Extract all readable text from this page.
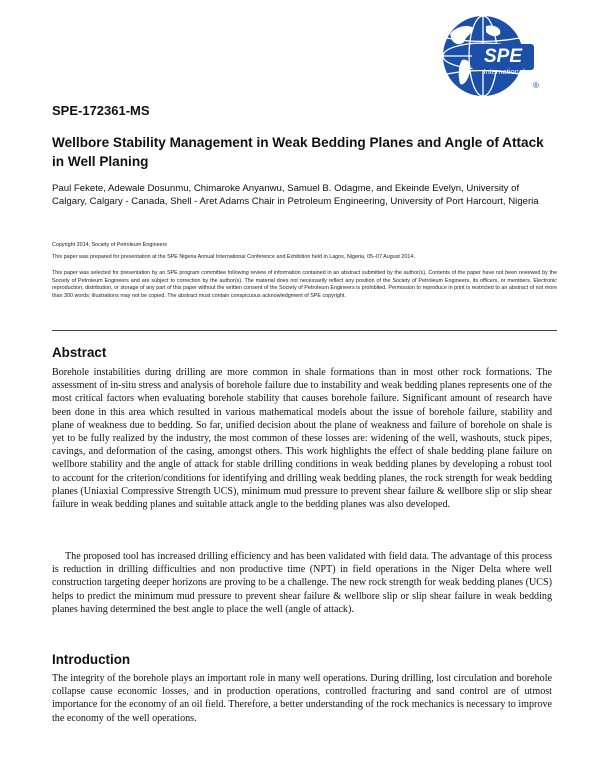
SPE
International
®

SPE-172361-MS

Wellbore Stability Management in Weak Bedding Planes and Angle of Attack in Well Planing

Paul Fekete, Adewale Dosunmu, Chimaroke Anyanwu, Samuel B. Odagme, and Ekeinde Evelyn, University of Calgary, Calgary - Canada, Shell - Aret Adams Chair in Petroleum Engineering, University of Port Harcourt, Nigeria

Copyright 2014, Society of Petroleum Engineers

This paper was prepared for presentation at the SPE Nigeria Annual International Conference and Exhibition held in Lagos, Nigeria, 05–07 August 2014.

This paper was selected for presentation by an SPE program committee following review of information contained in an abstract submitted by the author(s). Contents of the paper have not been reviewed by the Society of Petroleum Engineers and are subject to correction by the author(s). The material does not necessarily reflect any position of the Society of Petroleum Engineers, its officers, or members. Electronic reproduction, distribution, or storage of any part of this paper without the written consent of the Society of Petroleum Engineers is prohibited. Permission to reproduce in print is restricted to an abstract of not more than 300 words; illustrations may not be copied. The abstract must contain conspicuous acknowledgment of SPE copyright.

Abstract

Borehole instabilities during drilling are more common in shale formations than in most other rock formations. The assessment of in-situ stress and analysis of borehole failure due to instability and weak bedding planes represents one of the most critical factors when evaluating borehole stability that causes borehole failure. Significant amount of research have been done in this area which resulted in various mathematical models about the issue of borehole failure, stability and plane of weakness due to bedding. So far, unified decision about the plane of weakness and failure of borehole on shale is yet to be fully realized by the industry, the most common of these losses are: widening of the well, washouts, stuck pipes, cavings, and deformation of the casing, amongst others. This work highlights the effect of shale bedding plane failure on wellbore stability and the angle of attack for stable drilling conditions in weak bedding planes by developing a robust tool to account for the criterion/conditions for identifying and drilling weak bedding planes, the rock strength for weak bedding planes (Uniaxial Compressive Strength UCS), minimum mud pressure to prevent shear failure & wellbore slip or slip shear failure in weak bedding planes and suitable attack angle to the bedding planes was also developed.

The proposed tool has increased drilling efficiency and has been validated with field data. The advantage of this process is reduction in drilling difficulties and non productive time (NPT) in field operations in the Niger Delta where well construction targeting deeper horizons are proving to be a challenge. The new rock strength for weak bedding planes (UCS) helps to predict the minimum mud pressure to prevent shear failure & wellbore slip or slip shear failure in weak bedding planes having determined the best angle to place the well (angle of attack).

Introduction

The integrity of the borehole plays an important role in many well operations. During drilling, lost circulation and borehole collapse cause economic losses, and in production operations, controlled fracturing and sand control are of utmost importance for the economy of an oil field. Therefore, a better understanding of the rock mechanics is necessary to improve the economy of the well operations.
